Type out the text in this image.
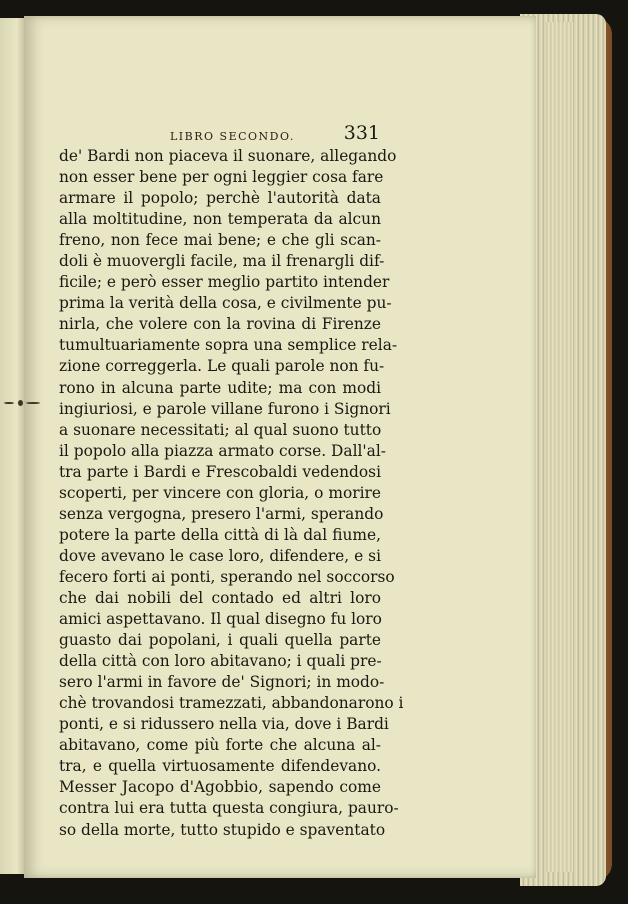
LIBRO SECONDO.	331
de' Bardi non piaceva il suonare, allegando
non esser bene per ogni leggier cosa fare
armare il popolo; perchè l'autorità data
alla moltitudine, non temperata da alcun
freno, non fece mai bene; e che gli scan-
doli è muovergli facile, ma il frenargli dif-
ficile; e però esser meglio partito intender
prima la verità della cosa, e civilmente pu-
nirla, che volere con la rovina di Firenze
tumultuariamente sopra una semplice rela-
zione correggerla. Le quali parole non fu-
rono in alcuna parte udite; ma con modi
ingiuriosi, e parole villane furono i Signori
a suonare necessitati; al qual suono tutto
il popolo alla piazza armato corse. Dall'al-
tra parte i Bardi e Frescobaldi vedendosi
scoperti, per vincere con gloria, o morire
senza vergogna, presero l'armi, sperando
potere la parte della città di là dal fiume,
dove avevano le case loro, difendere, e si
fecero forti ai ponti, sperando nel soccorso
che dai nobili del contado ed altri loro
amici aspettavano. Il qual disegno fu loro
guasto dai popolani, i quali quella parte
della città con loro abitavano; i quali pre-
sero l'armi in favore de' Signori; in modo-
chè trovandosi tramezzati, abbandonarono i
ponti, e si ridussero nella via, dove i Bardi
abitavano, come più forte che alcuna al-
tra, e quella virtuosamente difendevano.
Messer Jacopo d'Agobbio, sapendo come
contra lui era tutta questa congiura, pauro-
so della morte, tutto stupido e spaventato
